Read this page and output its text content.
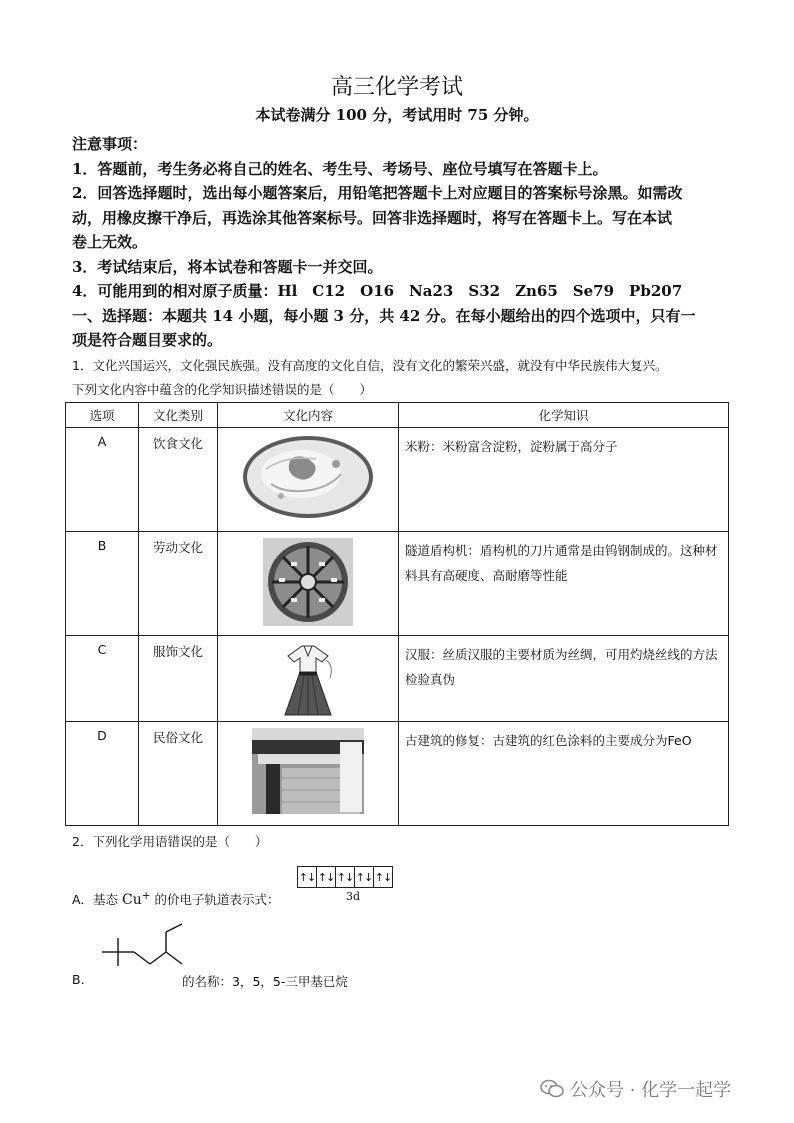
高三化学考试
本试卷满分 100 分，考试用时 75 分钟。
注意事项：
1．答题前，考生务必将自己的姓名、考生号、考场号、座位号填写在答题卡上。
2．回答选择题时，选出每小题答案后，用铅笔把答题卡上对应题目的答案标号涂黑。如需改
动，用橡皮擦干净后，再选涂其他答案标号。回答非选择题时，将写在答题卡上。写在本试
卷上无效。
3．考试结束后，将本试卷和答题卡一并交回。
4．可能用到的相对原子质量：Hl　C12　O16　Na23　S32　Zn65　Se79　Pb207
一、选择题：本题共 14 小题，每小题 3 分，共 42 分。在每小题给出的四个选项中，只有一
项是符合题目要求的。
1．文化兴国运兴，文化强民族强。没有高度的文化自信，没有文化的繁荣兴盛，就没有中华民族伟大复兴。
下列文化内容中蕴含的化学知识描述错误的是（　　）
选项	文化类别	文化内容	化学知识
A	饮食文化		米粉：米粉富含淀粉，淀粉属于高分子
B	劳动文化		隧道盾构机：盾构机的刀片通常是由钨钢制成的。这种材料具有高硬度、高耐磨等性能
C	服饰文化		汉服：丝质汉服的主要材质为丝绸，可用灼烧丝线的方法检验真伪
D	民俗文化		古建筑的修复：古建筑的红色涂料的主要成分为FeO
2．下列化学用语错误的是（　　）
A．基态 Cu+ 的价电子轨道表示式：
↑↓ ↑↓ ↑↓ ↑↓ ↑↓
3d
B.	的名称：3，5，5-三甲基已烷
公众号 · 化学一起学
